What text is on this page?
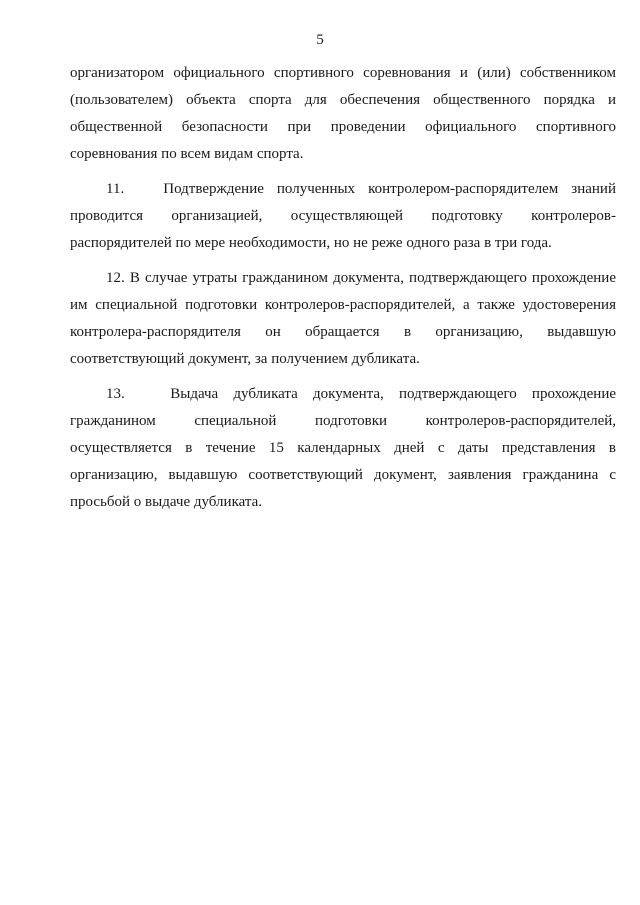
5

организатором официального спортивного соревнования и (или) собственником (пользователем) объекта спорта для обеспечения общественного порядка и общественной безопасности при проведении официального спортивного соревнования по всем видам спорта.

11.   Подтверждение полученных контролером-распорядителем знаний проводится организацией, осуществляющей подготовку контролеров-распорядителей по мере необходимости, но не реже одного раза в три года.

12. В случае утраты гражданином документа, подтверждающего прохождение им специальной подготовки контролеров-распорядителей, а также удостоверения контролера-распорядителя он обращается в организацию, выдавшую соответствующий документ, за получением дубликата.

13.   Выдача дубликата документа, подтверждающего прохождение гражданином специальной подготовки контролеров-распорядителей, осуществляется в течение 15 календарных дней с даты представления в организацию, выдавшую соответствующий документ, заявления гражданина с просьбой о выдаче дубликата.
